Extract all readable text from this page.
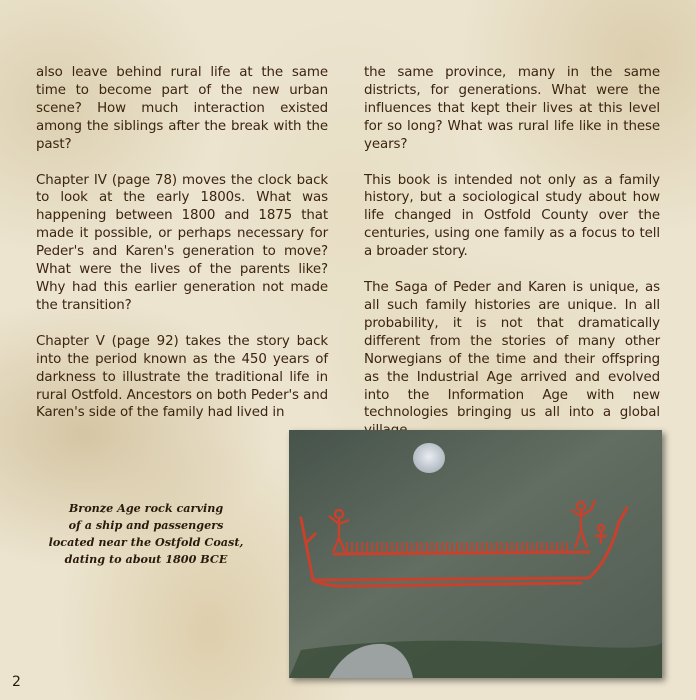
also leave behind rural life at the same time to become part of the new urban scene? How much interaction existed among the siblings after the break with the past?

Chapter IV (page 78) moves the clock back to look at the early 1800s. What was happening between 1800 and 1875 that made it possible, or perhaps necessary for Peder's and Karen's generation to move? What were the lives of the parents like? Why had this earlier generation not made the transition?

Chapter V (page 92) takes the story back into the period known as the 450 years of darkness to illustrate the traditional life in rural Ostfold. Ancestors on both Peder's and Karen's side of the family had lived in

the same province, many in the same districts, for generations. What were the influences that kept their lives at this level for so long? What was rural life like in these years?

This book is intended not only as a family history, but a sociological study about how life changed in Ostfold County over the centuries, using one family as a focus to tell a broader story.

The Saga of Peder and Karen is unique, as all such family histories are unique. In all probability, it is not that dramatically different from the stories of many other Norwegians of the time and their offspring as the Industrial Age arrived and evolved into the Information Age with new technologies bringing us all into a global

Bronze Age rock carving
of a ship and passengers
located near the Ostfold Coast,
dating to about 1800 BCE
2
